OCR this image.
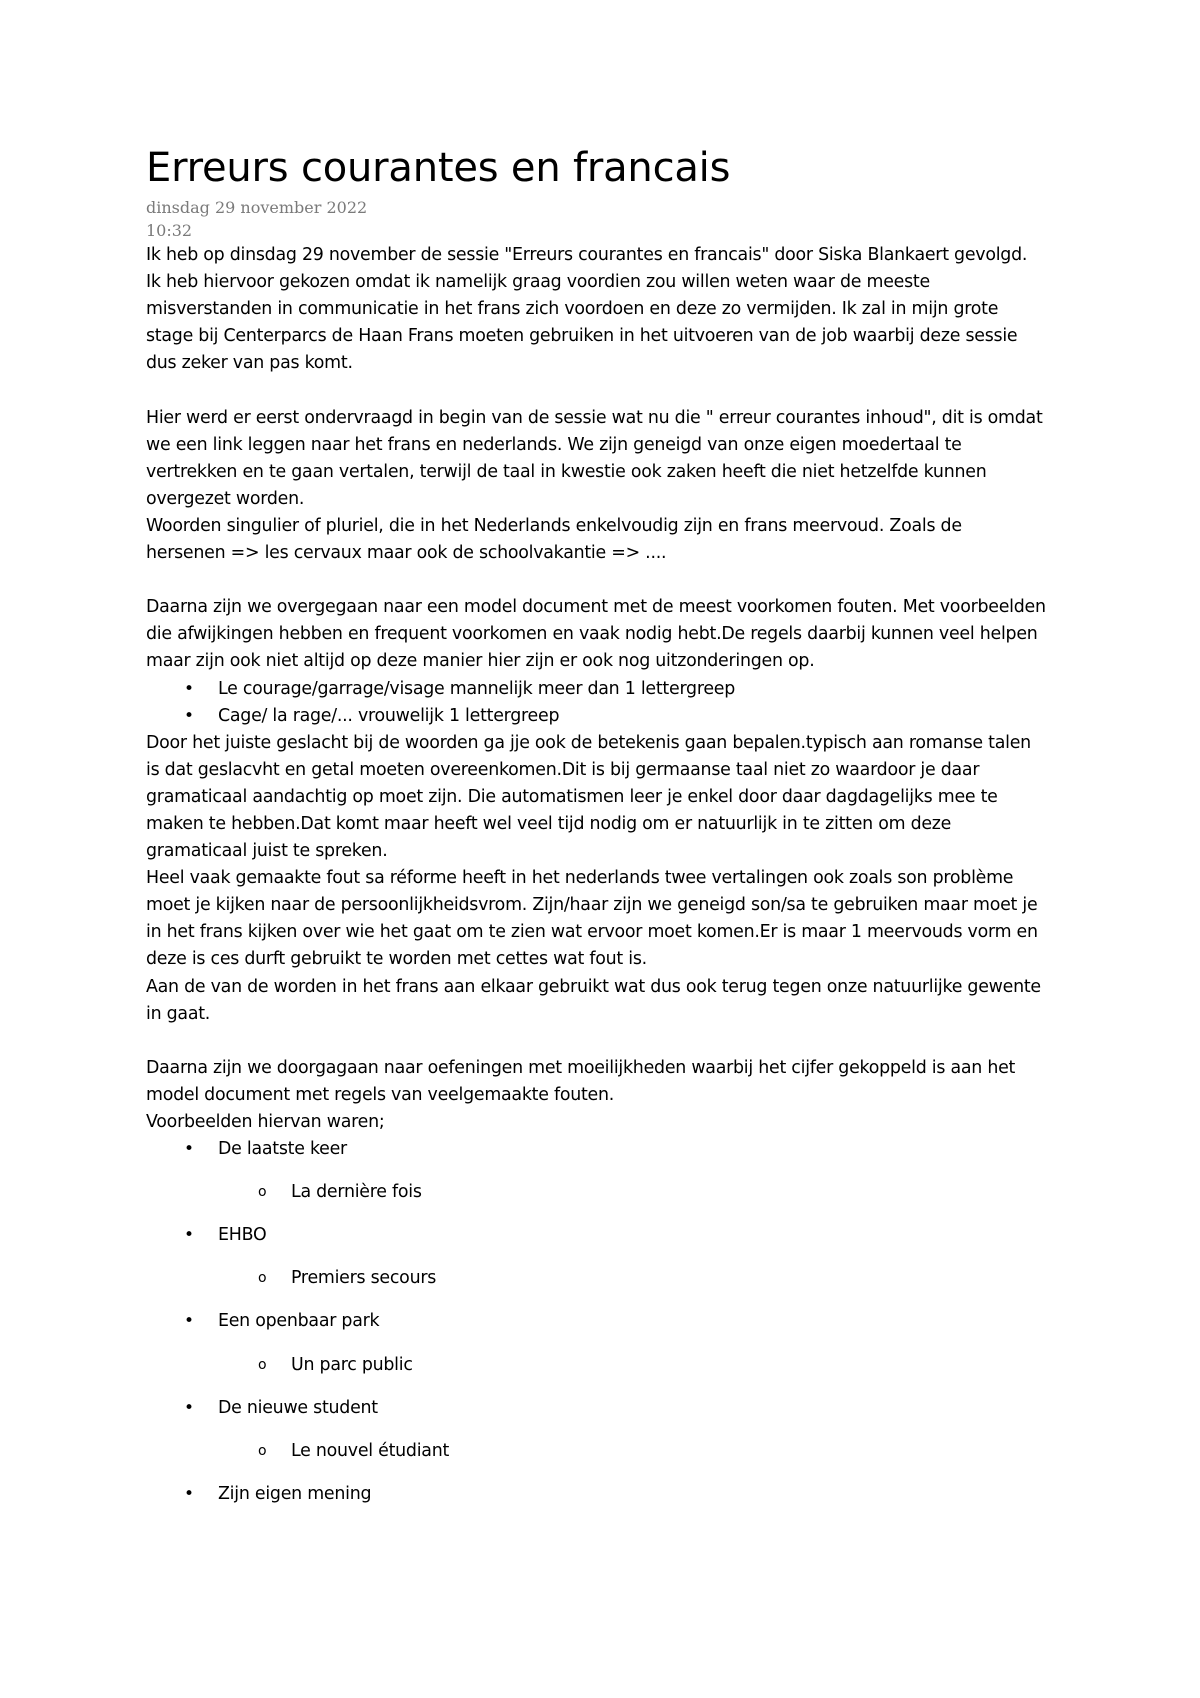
Erreurs courantes en francais

dinsdag 29 november 2022

10:32

Ik heb op dinsdag 29 november de sessie "Erreurs courantes en francais" door Siska Blankaert gevolgd. Ik heb hiervoor gekozen omdat ik namelijk graag voordien zou willen weten waar de meeste misverstanden in communicatie in het frans zich voordoen en deze zo vermijden. Ik zal in mijn grote stage bij Centerparcs de Haan Frans moeten gebruiken in het uitvoeren van de job waarbij deze sessie dus zeker van pas komt.

Hier werd er eerst ondervraagd in begin van de sessie wat nu die " erreur courantes inhoud", dit is omdat we een link leggen naar het frans en nederlands. We zijn geneigd van onze eigen moedertaal te vertrekken en te gaan vertalen, terwijl de taal in kwestie ook zaken heeft die niet hetzelfde kunnen overgezet worden.

Woorden singulier of pluriel, die in het Nederlands enkelvoudig zijn en frans meervoud. Zoals de hersenen => les cervaux maar ook de schoolvakantie => ....

Daarna zijn we overgegaan naar een model document met de meest voorkomen fouten. Met voorbeelden die afwijkingen hebben en frequent voorkomen en vaak nodig hebt.De regels daarbij kunnen veel helpen maar zijn ook niet altijd op deze manier hier zijn er ook nog uitzonderingen op.

• Le courage/garrage/visage mannelijk meer dan 1 lettergreep
• Cage/ la rage/... vrouwelijk 1 lettergreep

Door het juiste geslacht bij de woorden ga jje ook de betekenis gaan bepalen.typisch aan romanse talen is dat geslacvht en getal moeten overeenkomen.Dit is bij germaanse taal niet zo waardoor je daar gramaticaal aandachtig op moet zijn. Die automatismen leer je enkel door daar dagdagelijks mee te maken te hebben.Dat komt maar heeft wel veel tijd nodig om er natuurlijk in te zitten om deze gramaticaal juist te spreken.

Heel vaak gemaakte fout sa réforme heeft in het nederlands twee vertalingen ook zoals son problème moet je kijken naar de persoonlijkheidsvrom. Zijn/haar zijn we geneigd son/sa te gebruiken maar moet je in het frans kijken over wie het gaat om te zien wat ervoor moet komen.Er is maar 1 meervouds vorm en deze is ces durft gebruikt te worden met cettes wat fout is.

Aan de van de worden in het frans aan elkaar gebruikt wat dus ook terug tegen onze natuurlijke gewente in gaat.

Daarna zijn we doorgagaan naar oefeningen met moeilijkheden waarbij het cijfer gekoppeld is aan het model document met regels van veelgemaakte fouten.

Voorbeelden hiervan waren;

• De laatste keer
o La dernière fois
• EHBO
o Premiers secours
• Een openbaar park
o Un parc public
• De nieuwe student
o Le nouvel étudiant
• Zijn eigen mening
